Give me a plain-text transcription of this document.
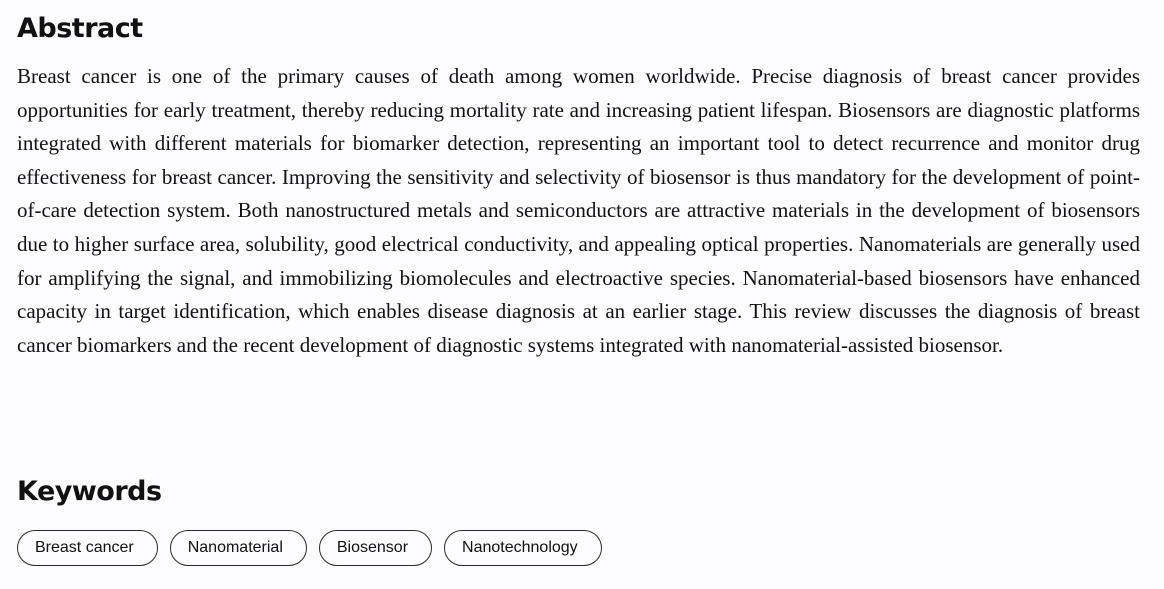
Abstract

Breast cancer is one of the primary causes of death among women worldwide. Precise diagnosis of breast cancer provides opportunities for early treatment, thereby reducing mortality rate and increasing patient lifespan. Biosensors are diagnostic platforms integrated with different materials for biomarker detection, representing an important tool to detect recurrence and monitor drug effectiveness for breast cancer. Improving the sensitivity and selectivity of biosensor is thus mandatory for the development of point-of-care detection system. Both nanostructured metals and semiconductors are attractive materials in the development of biosensors due to higher surface area, solubility, good electrical conductivity, and appealing optical properties. Nanomaterials are generally used for amplifying the signal, and immobilizing biomolecules and electroactive species. Nanomaterial-based biosensors have enhanced capacity in target identification, which enables disease diagnosis at an earlier stage. This review discusses the diagnosis of breast cancer biomarkers and the recent development of diagnostic systems integrated with nanomaterial-assisted biosensor.

Keywords
Breast cancer	Nanomaterial	Biosensor	Nanotechnology
